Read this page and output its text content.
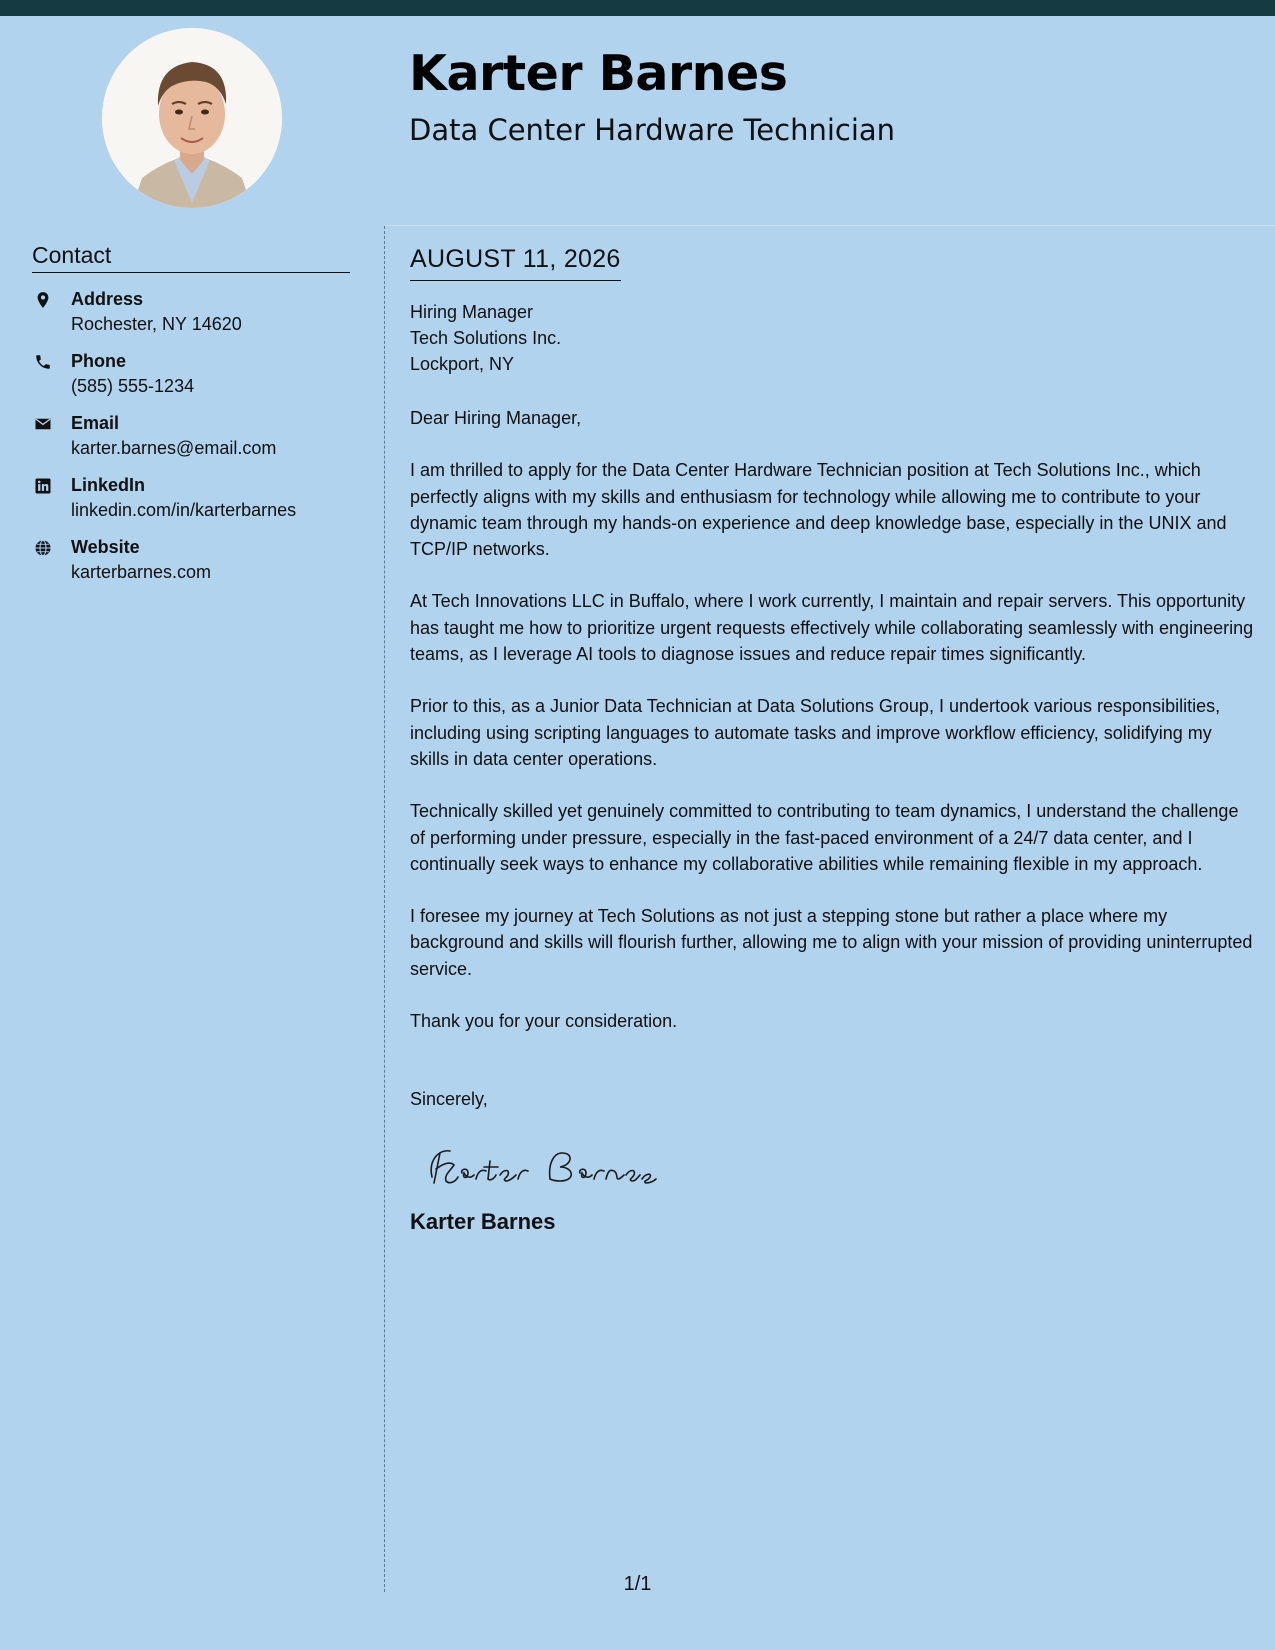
Karter Barnes
Data Center Hardware Technician
Contact
Address
Rochester, NY 14620
Phone
(585) 555-1234
Email
karter.barnes@email.com
LinkedIn
linkedin.com/in/karterbarnes
Website
karterbarnes.com
AUGUST 11, 2026
Hiring Manager
Tech Solutions Inc.
Lockport, NY

Dear Hiring Manager,

I am thrilled to apply for the Data Center Hardware Technician position at Tech Solutions Inc., which perfectly aligns with my skills and enthusiasm for technology while allowing me to contribute to your dynamic team through my hands-on experience and deep knowledge base, especially in the UNIX and TCP/IP networks.

At Tech Innovations LLC in Buffalo, where I work currently, I maintain and repair servers. This opportunity has taught me how to prioritize urgent requests effectively while collaborating seamlessly with engineering teams, as I leverage AI tools to diagnose issues and reduce repair times significantly.

Prior to this, as a Junior Data Technician at Data Solutions Group, I undertook various responsibilities, including using scripting languages to automate tasks and improve workflow efficiency, solidifying my skills in data center operations.

Technically skilled yet genuinely committed to contributing to team dynamics, I understand the challenge of performing under pressure, especially in the fast-paced environment of a 24/7 data center, and I continually seek ways to enhance my collaborative abilities while remaining flexible in my approach.

I foresee my journey at Tech Solutions as not just a stepping stone but rather a place where my background and skills will flourish further, allowing me to align with your mission of providing uninterrupted service.

Thank you for your consideration.

Sincerely,

Karter Barnes
1/1
